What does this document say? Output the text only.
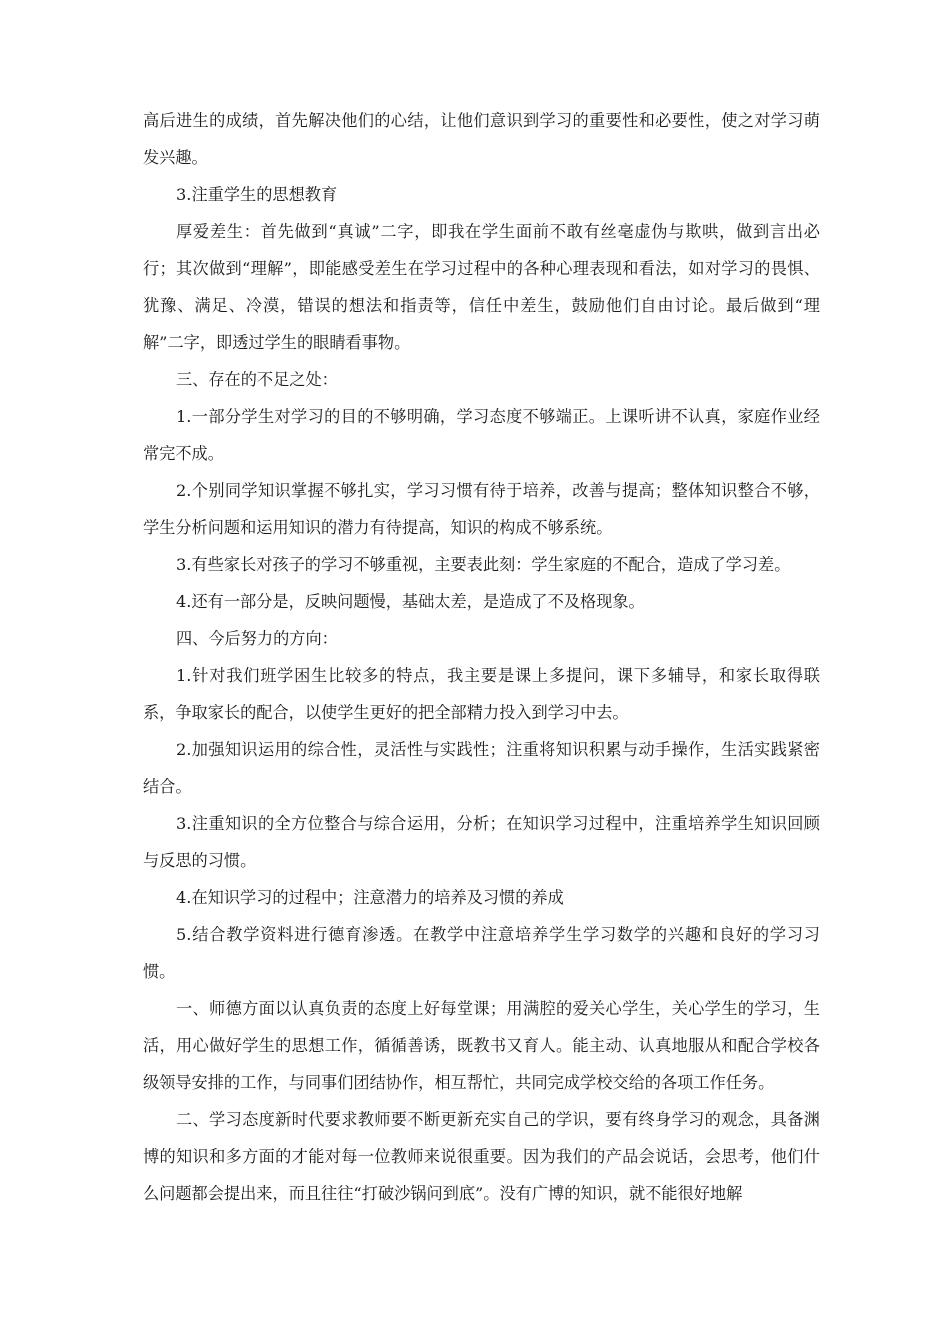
高后进生的成绩，首先解决他们的心结，让他们意识到学习的重要性和必要性，使之对学习萌发兴趣。

3.注重学生的思想教育

厚爱差生：首先做到“真诚”二字，即我在学生面前不敢有丝毫虚伪与欺哄，做到言出必行；其次做到“理解”，即能感受差生在学习过程中的各种心理表现和看法，如对学习的畏惧、犹豫、满足、冷漠，错误的想法和指责等，信任中差生，鼓励他们自由讨论。最后做到“理解”二字，即透过学生的眼睛看事物。

三、存在的不足之处：

1.一部分学生对学习的目的不够明确，学习态度不够端正。上课听讲不认真，家庭作业经常完不成。

2.个别同学知识掌握不够扎实，学习习惯有待于培养，改善与提高；整体知识整合不够，学生分析问题和运用知识的潜力有待提高，知识的构成不够系统。

3.有些家长对孩子的学习不够重视，主要表此刻：学生家庭的不配合，造成了学习差。

4.还有一部分是，反映问题慢，基础太差，是造成了不及格现象。

四、今后努力的方向：

1.针对我们班学困生比较多的特点，我主要是课上多提问，课下多辅导，和家长取得联系，争取家长的配合，以使学生更好的把全部精力投入到学习中去。

2.加强知识运用的综合性，灵活性与实践性；注重将知识积累与动手操作，生活实践紧密结合。

3.注重知识的全方位整合与综合运用，分析；在知识学习过程中，注重培养学生知识回顾与反思的习惯。

4.在知识学习的过程中；注意潜力的培养及习惯的养成

5.结合教学资料进行德育渗透。在教学中注意培养学生学习数学的兴趣和良好的学习习惯。

一、师德方面以认真负责的态度上好每堂课；用满腔的爱关心学生，关心学生的学习，生活，用心做好学生的思想工作，循循善诱，既教书又育人。能主动、认真地服从和配合学校各级领导安排的工作，与同事们团结协作，相互帮忙，共同完成学校交给的各项工作任务。

二、学习态度新时代要求教师要不断更新充实自己的学识，要有终身学习的观念，具备渊博的知识和多方面的才能对每一位教师来说很重要。因为我们的产品会说话，会思考，他们什么问题都会提出来，而且往往“打破沙锅问到底”。没有广博的知识，就不能很好地解
